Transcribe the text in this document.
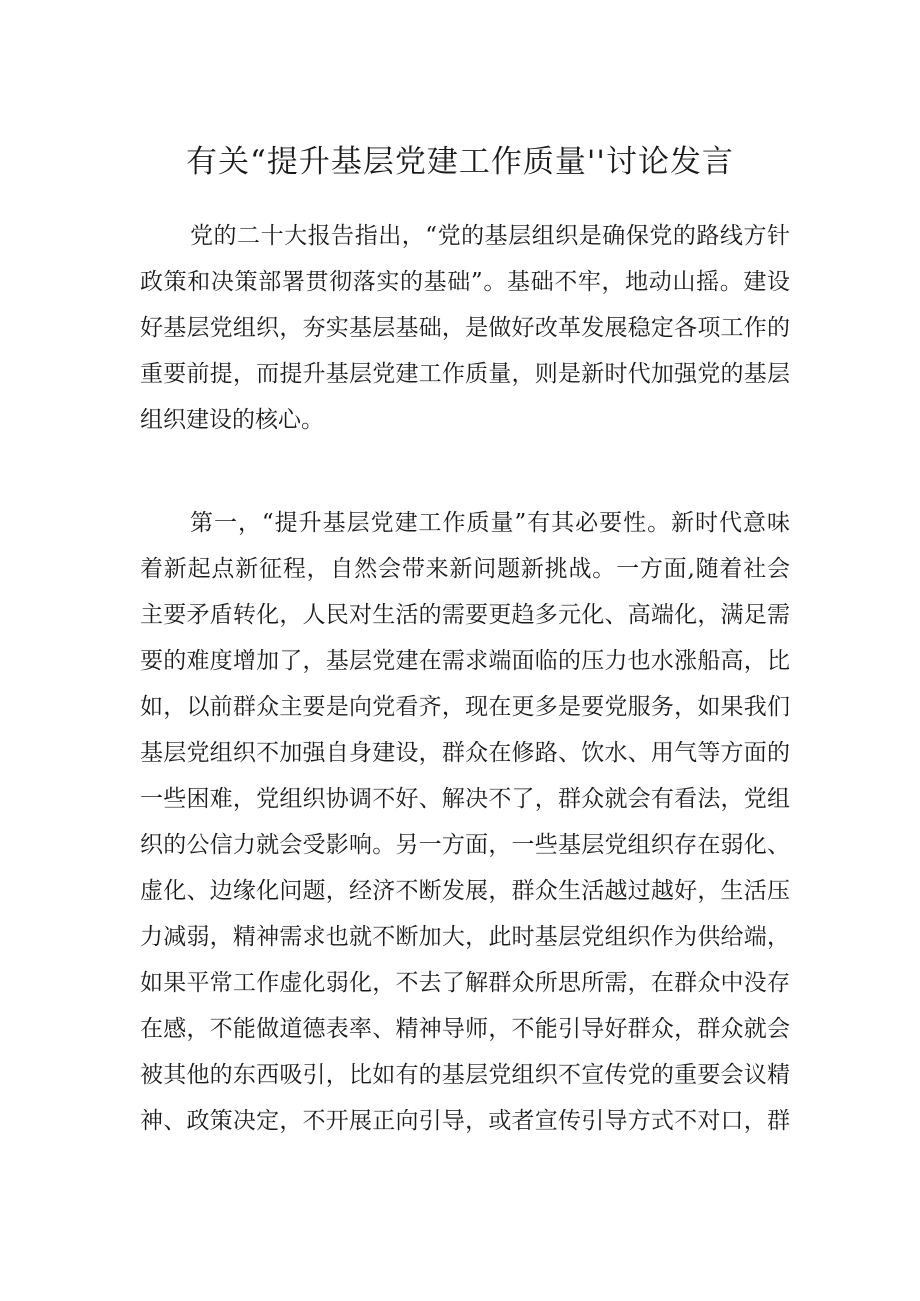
有关“提升基层党建工作质量''讨论发言
党的二十大报告指出，“党的基层组织是确保党的路线方针
政策和决策部署贯彻落实的基础”。基础不牢，地动山摇。建设
好基层党组织，夯实基层基础，是做好改革发展稳定各项工作的
重要前提，而提升基层党建工作质量，则是新时代加强党的基层
组织建设的核心。
第一，“提升基层党建工作质量”有其必要性。新时代意味
着新起点新征程，自然会带来新问题新挑战。一方面,随着社会
主要矛盾转化，人民对生活的需要更趋多元化、高端化，满足需
要的难度增加了，基层党建在需求端面临的压力也水涨船高，比
如，以前群众主要是向党看齐，现在更多是要党服务，如果我们
基层党组织不加强自身建设，群众在修路、饮水、用气等方面的
一些困难，党组织协调不好、解决不了，群众就会有看法，党组
织的公信力就会受影响。另一方面，一些基层党组织存在弱化、
虚化、边缘化问题，经济不断发展，群众生活越过越好，生活压
力减弱，精神需求也就不断加大，此时基层党组织作为供给端，
如果平常工作虚化弱化，不去了解群众所思所需，在群众中没存
在感，不能做道德表率、精神导师，不能引导好群众，群众就会
被其他的东西吸引，比如有的基层党组织不宣传党的重要会议精
神、政策决定，不开展正向引导，或者宣传引导方式不对口，群
